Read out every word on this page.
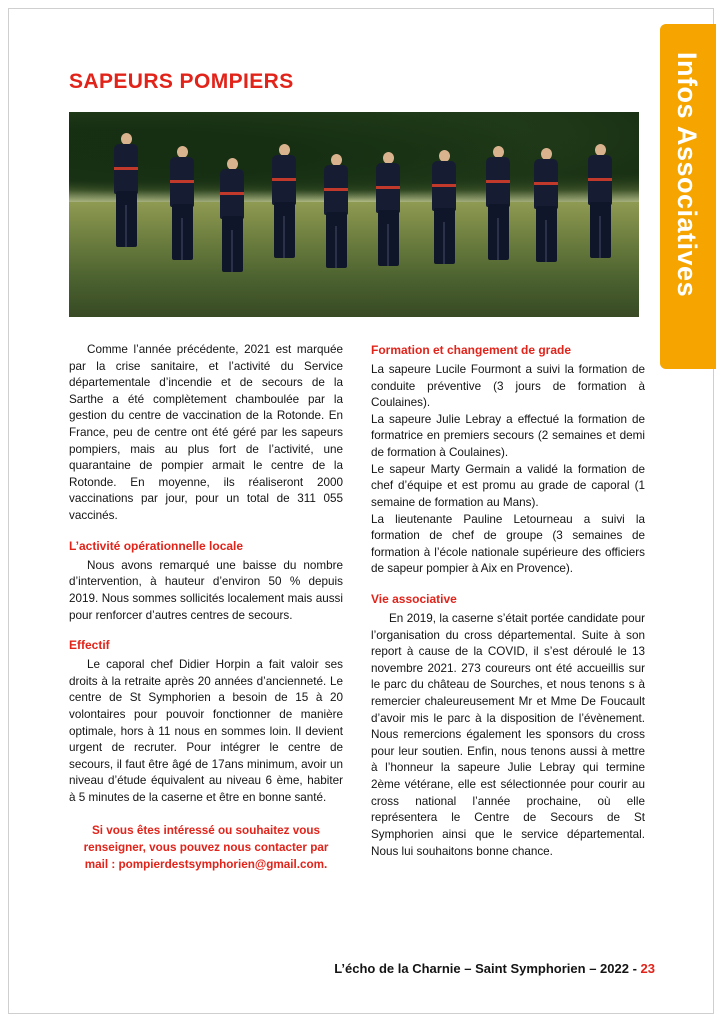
Infos Associatives
SAPEURS POMPIERS

Comme l’année précédente, 2021 est marquée par la crise sanitaire, et l’activité du Service départementale d’incendie et de secours de la Sarthe a été complètement chamboulée par la gestion du centre de vaccination de la Rotonde. En France, peu de centre ont été géré par les sapeurs pompiers, mais au plus fort de l’activité, une quarantaine de pompier armait le centre de la Rotonde. En moyenne, ils réaliseront 2000 vaccinations par jour, pour un total de 311 055 vaccinés.

L’activité opérationnelle locale

Nous avons remarqué une baisse du nombre d’intervention, à hauteur d’environ 50 % depuis 2019. Nous sommes sollicités localement mais aussi pour renforcer d’autres centres de secours.

Effectif

Le caporal chef Didier Horpin a fait valoir ses droits à la retraite après 20 années d’ancienneté. Le centre de St Symphorien a besoin de 15 à 20 volontaires pour pouvoir fonctionner de manière optimale, hors à 11 nous en sommes loin. Il devient urgent de recruter. Pour intégrer le centre de secours, il faut être âgé de 17ans minimum, avoir un niveau d’étude équivalent au niveau 6 ème, habiter à 5 minutes de la caserne et être en bonne santé.

Si vous êtes intéressé ou souhaitez vous renseigner, vous pouvez nous contacter par
mail : pompierdestsymphorien@gmail.com.
Formation et changement de grade

La sapeure Lucile Fourmont a suivi la formation de conduite préventive (3 jours de formation à Coulaines).

La sapeure Julie Lebray a effectué la formation de formatrice en premiers secours (2 semaines et demi de formation à Coulaines).

Le sapeur Marty Germain a validé la formation de chef d’équipe et est promu au grade de caporal (1 semaine de formation au Mans).

La lieutenante Pauline Letourneau a suivi la formation de chef de groupe (3 semaines de formation à l’école nationale supérieure des officiers de sapeur pompier à Aix en Provence).

Vie associative

En 2019, la caserne s’était portée candidate pour l’organisation du cross départemental. Suite à son report à cause de la COVID, il s’est déroulé le 13 novembre 2021. 273 coureurs ont été accueillis sur le parc du château de Sourches, et nous tenons s à remercier chaleureusement Mr et Mme De Foucault d’avoir mis le parc à la disposition de l’évènement. Nous remercions également les sponsors du cross pour leur soutien. Enfin, nous tenons aussi à mettre à l’honneur la sapeure Julie Lebray qui termine 2ème vétérane, elle est sélectionnée pour courir au cross national l’année prochaine, où elle représentera le Centre de Secours de St Symphorien ainsi que le service départemental. Nous lui souhaitons bonne chance.

L’écho de la Charnie – Saint Symphorien – 2022 - 23
